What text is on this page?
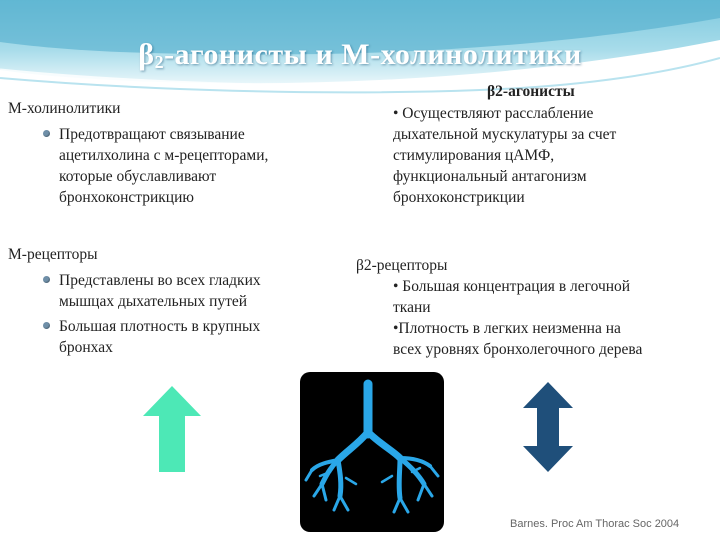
$\beta_2$-агонисты и М-холинолитики
М-холинолитики
Предотвращают связывание
ацетилхолина с м-рецепторами,
которые обуславливают
бронхоконстрикцию
М-рецепторы
Представлены во всех гладких
мышцах дыхательных путей
Большая плотность в крупных
бронхах
β2-агонисты
• Осуществляют расслабление
дыхательной мускулатуры за счет
стимулирования цАМФ,
функциональный антагонизм
бронхоконстрикции
β2-рецепторы
• Большая концентрация в легочной
ткани
•Плотность в легких неизменна на
всех уровнях бронхолегочного дерева
Barnes. Proc Am Thorac Soc 2004
